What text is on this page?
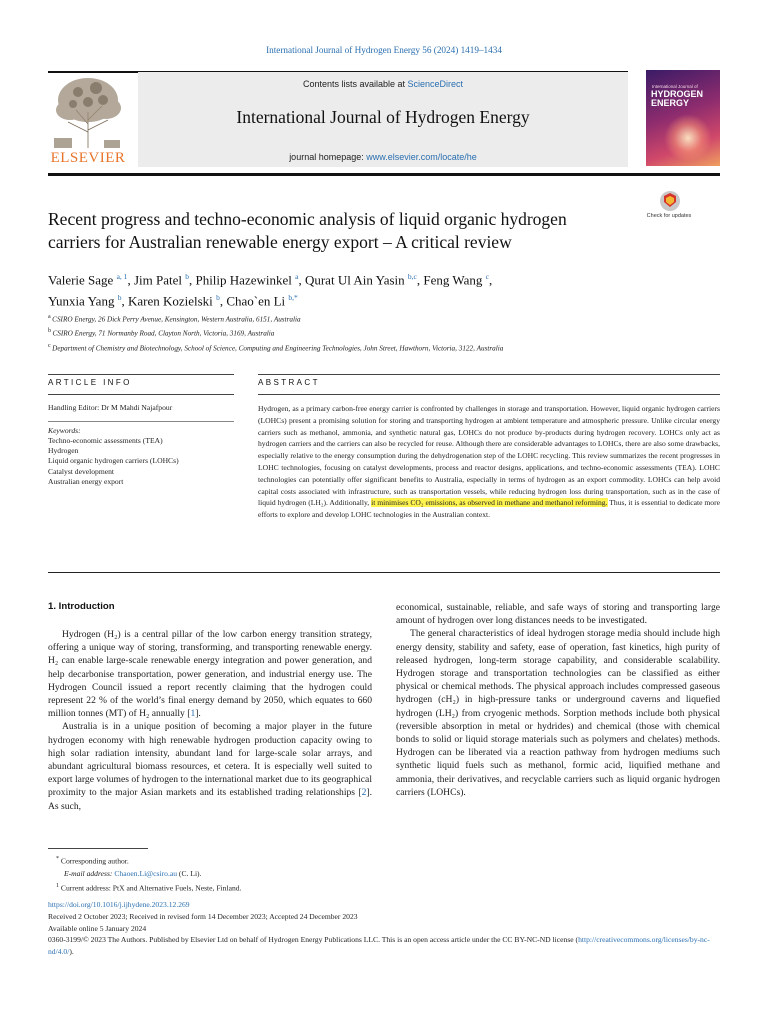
International Journal of Hydrogen Energy 56 (2024) 1419–1434
ELSEVIER
Contents lists available at ScienceDirect
International Journal of Hydrogen Energy
journal homepage: www.elsevier.com/locate/he
International Journal of
HYDROGEN
ENERGY
Recent progress and techno-economic analysis of liquid organic hydrogen carriers for Australian renewable energy export – A critical review
Check for updates
Valerie Sage $^{a, 1}$, Jim Patel $^b$, Philip Hazewinkel $^a$, Qurat Ul Ain Yasin $^{b,c}$, Feng Wang $^c$,
Yunxia Yang $^b$, Karen Kozielski $^b$, Chao`en Li $^{b,*}$
$^a$ CSIRO Energy, 26 Dick Perry Avenue, Kensington, Western Australia, 6151, Australia
$^b$ CSIRO Energy, 71 Normanby Road, Clayton North, Victoria, 3169, Australia
$^c$ Department of Chemistry and Biotechnology, School of Science, Computing and Engineering Technologies, John Street, Hawthorn, Victoria, 3122, Australia
ARTICLE INFO
Handling Editor: Dr M Mahdi Najafpour
Keywords:
Techno-economic assessments (TEA)
Hydrogen
Liquid organic hydrogen carriers (LOHCs)
Catalyst development
Australian energy export
ABSTRACT
Hydrogen, as a primary carbon-free energy carrier is confronted by challenges in storage and transportation. However, liquid organic hydrogen carriers (LOHCs) present a promising solution for storing and transporting hydrogen at ambient temperature and atmospheric pressure. Unlike circular energy carriers such as methanol, ammonia, and synthetic natural gas, LOHCs do not produce by-products during hydrogen recovery. LOHCs only act as hydrogen carriers and the carriers can also be recycled for reuse. Although there are considerable advantages to LOHCs, there are also some drawbacks, especially relative to the energy consumption during the dehydrogenation step of the LOHC recycling. This review summarizes the recent progresses in LOHC technologies, focusing on catalyst developments, process and reactor designs, applications, and techno-economic assessments (TEA). LOHC technologies can potentially offer significant benefits to Australia, especially in terms of hydrogen as an export commodity. LOHCs can help avoid capital costs associated with infrastructure, such as transportation vessels, while reducing hydrogen loss during transportation, such as in the case of liquid hydrogen (LH₂). Additionally, it minimises CO₂ emissions, as observed in methane and methanol reforming. Thus, it is essential to dedicate more efforts to explore and develop LOHC technologies in the Australian context.
1. Introduction

Hydrogen (H₂) is a central pillar of the low carbon energy transition strategy, offering a unique way of storing, transforming, and transporting renewable energy. H₂ can enable large-scale renewable energy integration and power generation, and help decarbonise transportation, power generation, and industrial energy use. The Hydrogen Council issued a report recently claiming that the hydrogen could represent 22 % of the world’s final energy demand by 2050, which equates to 660 million tonnes (MT) of H₂ annually [1].

Australia is in a unique position of becoming a major player in the future hydrogen economy with high renewable hydrogen production capacity owing to high solar radiation intensity, abundant land for large-scale solar arrays, and abundant agricultural biomass resources, et cetera. It is especially well suited to export large volumes of hydrogen to the international market due to its geographical proximity to the major Asian markets and its established trading relationships [2]. As such,

economical, sustainable, reliable, and safe ways of storing and transporting large amount of hydrogen over long distances needs to be investigated.

The general characteristics of ideal hydrogen storage media should include high energy density, stability and safety, ease of operation, fast kinetics, high purity of released hydrogen, long-term storage capability, and considerable scalability. Hydrogen storage and transportation technologies can be classified as either physical or chemical methods. The physical approach includes compressed gaseous hydrogen (cH₂) in high-pressure tanks or underground caverns and liquefied hydrogen (LH₂) from cryogenic methods. Sorption methods include both physical (reversible absorption in metal or hydrides) and chemical (those with chemical bonds to solid or liquid storage materials such as polymers and chelates) methods. Hydrogen can be liberated via a reaction pathway from hydrogen mediums such synthetic liquid fuels such as methanol, formic acid, liquified methane and ammonia, their derivatives, and recyclable carriers such as liquid organic hydrogen carriers (LOHCs).

* Corresponding author.
E-mail address: Chaoen.Li@csiro.au (C. Li).
$^1$ Current address: PtX and Alternative Fuels, Neste, Finland.
https://doi.org/10.1016/j.ijhydene.2023.12.269
Received 2 October 2023; Received in revised form 14 December 2023; Accepted 24 December 2023
Available online 5 January 2024
0360-3199/© 2023 The Authors. Published by Elsevier Ltd on behalf of Hydrogen Energy Publications LLC. This is an open access article under the CC BY-NC-ND license (http://creativecommons.org/licenses/by-nc-nd/4.0/).
